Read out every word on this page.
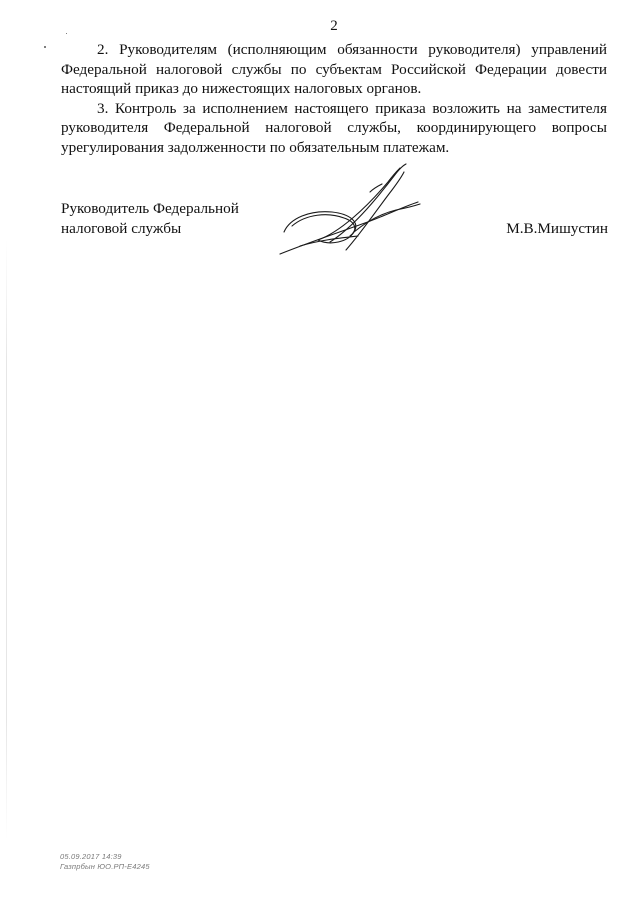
2

2. Руководителям (исполняющим обязанности руководителя) управлений Федеральной налоговой службы по субъектам Российской Федерации довести настоящий приказ до нижестоящих налоговых органов.

3. Контроль за исполнением настоящего приказа возложить на заместителя руководителя Федеральной налоговой службы, координирующего вопросы урегулирования задолженности по обязательным платежам.

Руководитель Федеральной
налоговой службы	М.В.Мишустин
05.09.2017 14:39
Газпрбын ЮО.РП-Е4245
